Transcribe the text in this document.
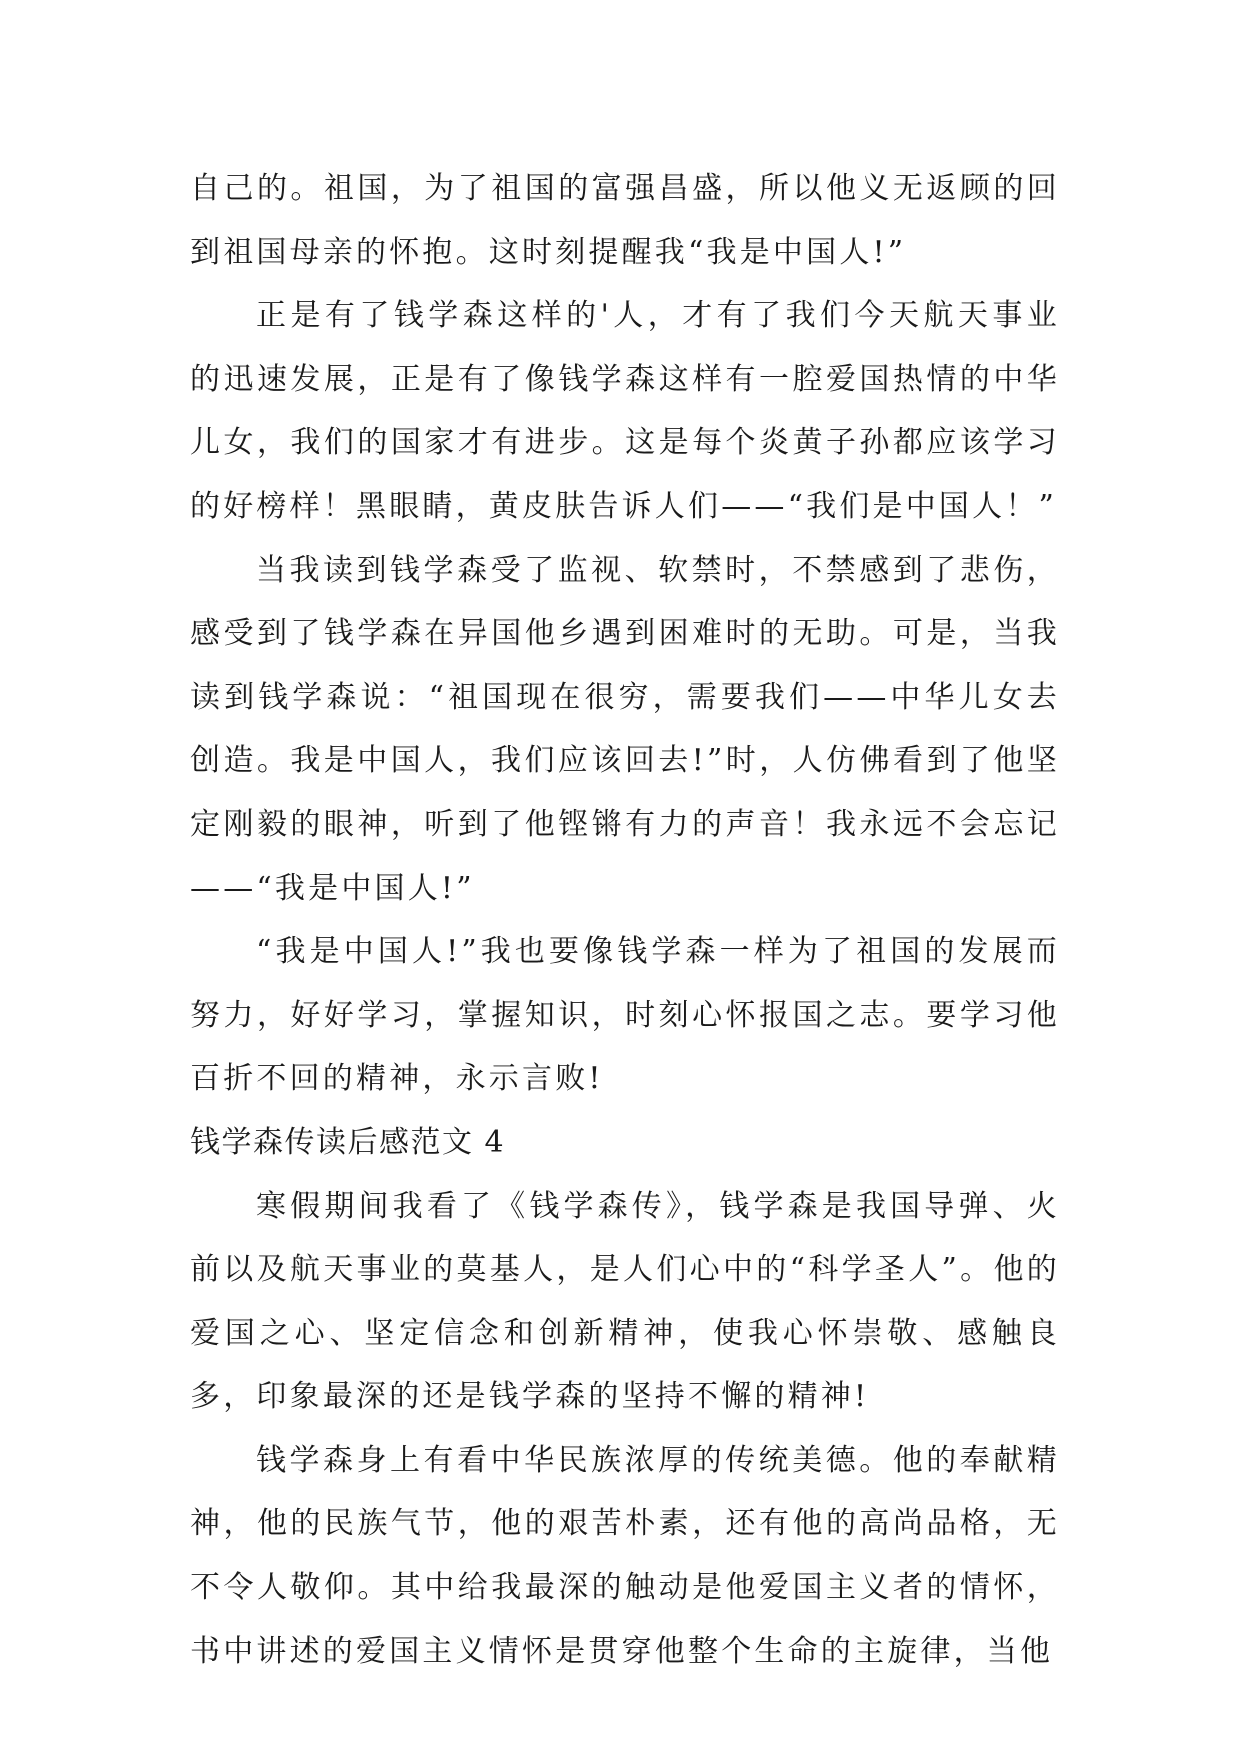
自己的。祖国，为了祖国的富强昌盛，所以他义无返顾的回到祖国母亲的怀抱。这时刻提醒我“我是中国人!”

正是有了钱学森这样的'人，才有了我们今天航天事业的迅速发展，正是有了像钱学森这样有一腔爱国热情的中华儿女，我们的国家才有进步。这是每个炎黄子孙都应该学习的好榜样！黑眼睛，黄皮肤告诉人们——“我们是中国人！”

当我读到钱学森受了监视、软禁时，不禁感到了悲伤，感受到了钱学森在异国他乡遇到困难时的无助。可是，当我读到钱学森说：“祖国现在很穷，需要我们——中华儿女去创造。我是中国人，我们应该回去!”时，人仿佛看到了他坚定刚毅的眼神，听到了他铿锵有力的声音！我永远不会忘记——“我是中国人!”

“我是中国人!”我也要像钱学森一样为了祖国的发展而努力，好好学习，掌握知识，时刻心怀报国之志。要学习他百折不回的精神，永示言败!

钱学森传读后感范文 4

寒假期间我看了《钱学森传》，钱学森是我国导弹、火前以及航天事业的莫基人，是人们心中的“科学圣人”。他的爱国之心、坚定信念和创新精神，使我心怀崇敬、感触良多，印象最深的还是钱学森的坚持不懈的精神!

钱学森身上有看中华民族浓厚的传统美德。他的奉献精神，他的民族气节，他的艰苦朴素，还有他的高尚品格，无不令人敬仰。其中给我最深的触动是他爱国主义者的情怀，书中讲述的爱国主义情怀是贯穿他整个生命的主旋律，当他
